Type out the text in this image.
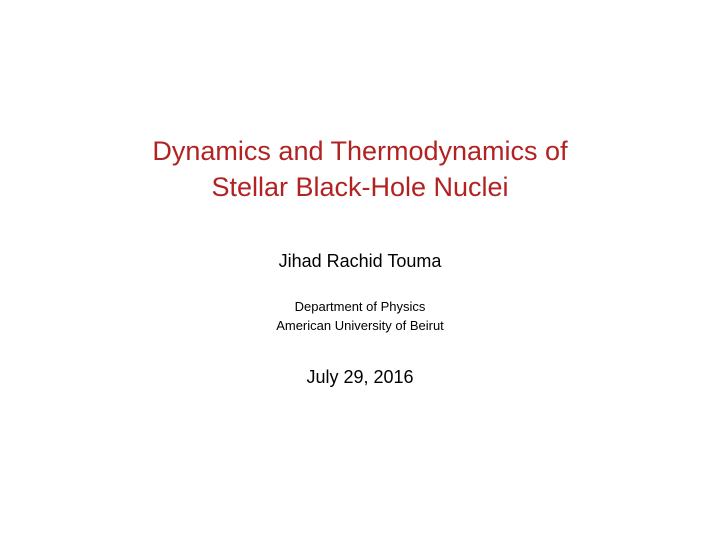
Dynamics and Thermodynamics of
Stellar Black-Hole Nuclei
Jihad Rachid Touma
Department of Physics
American University of Beirut
July 29, 2016
